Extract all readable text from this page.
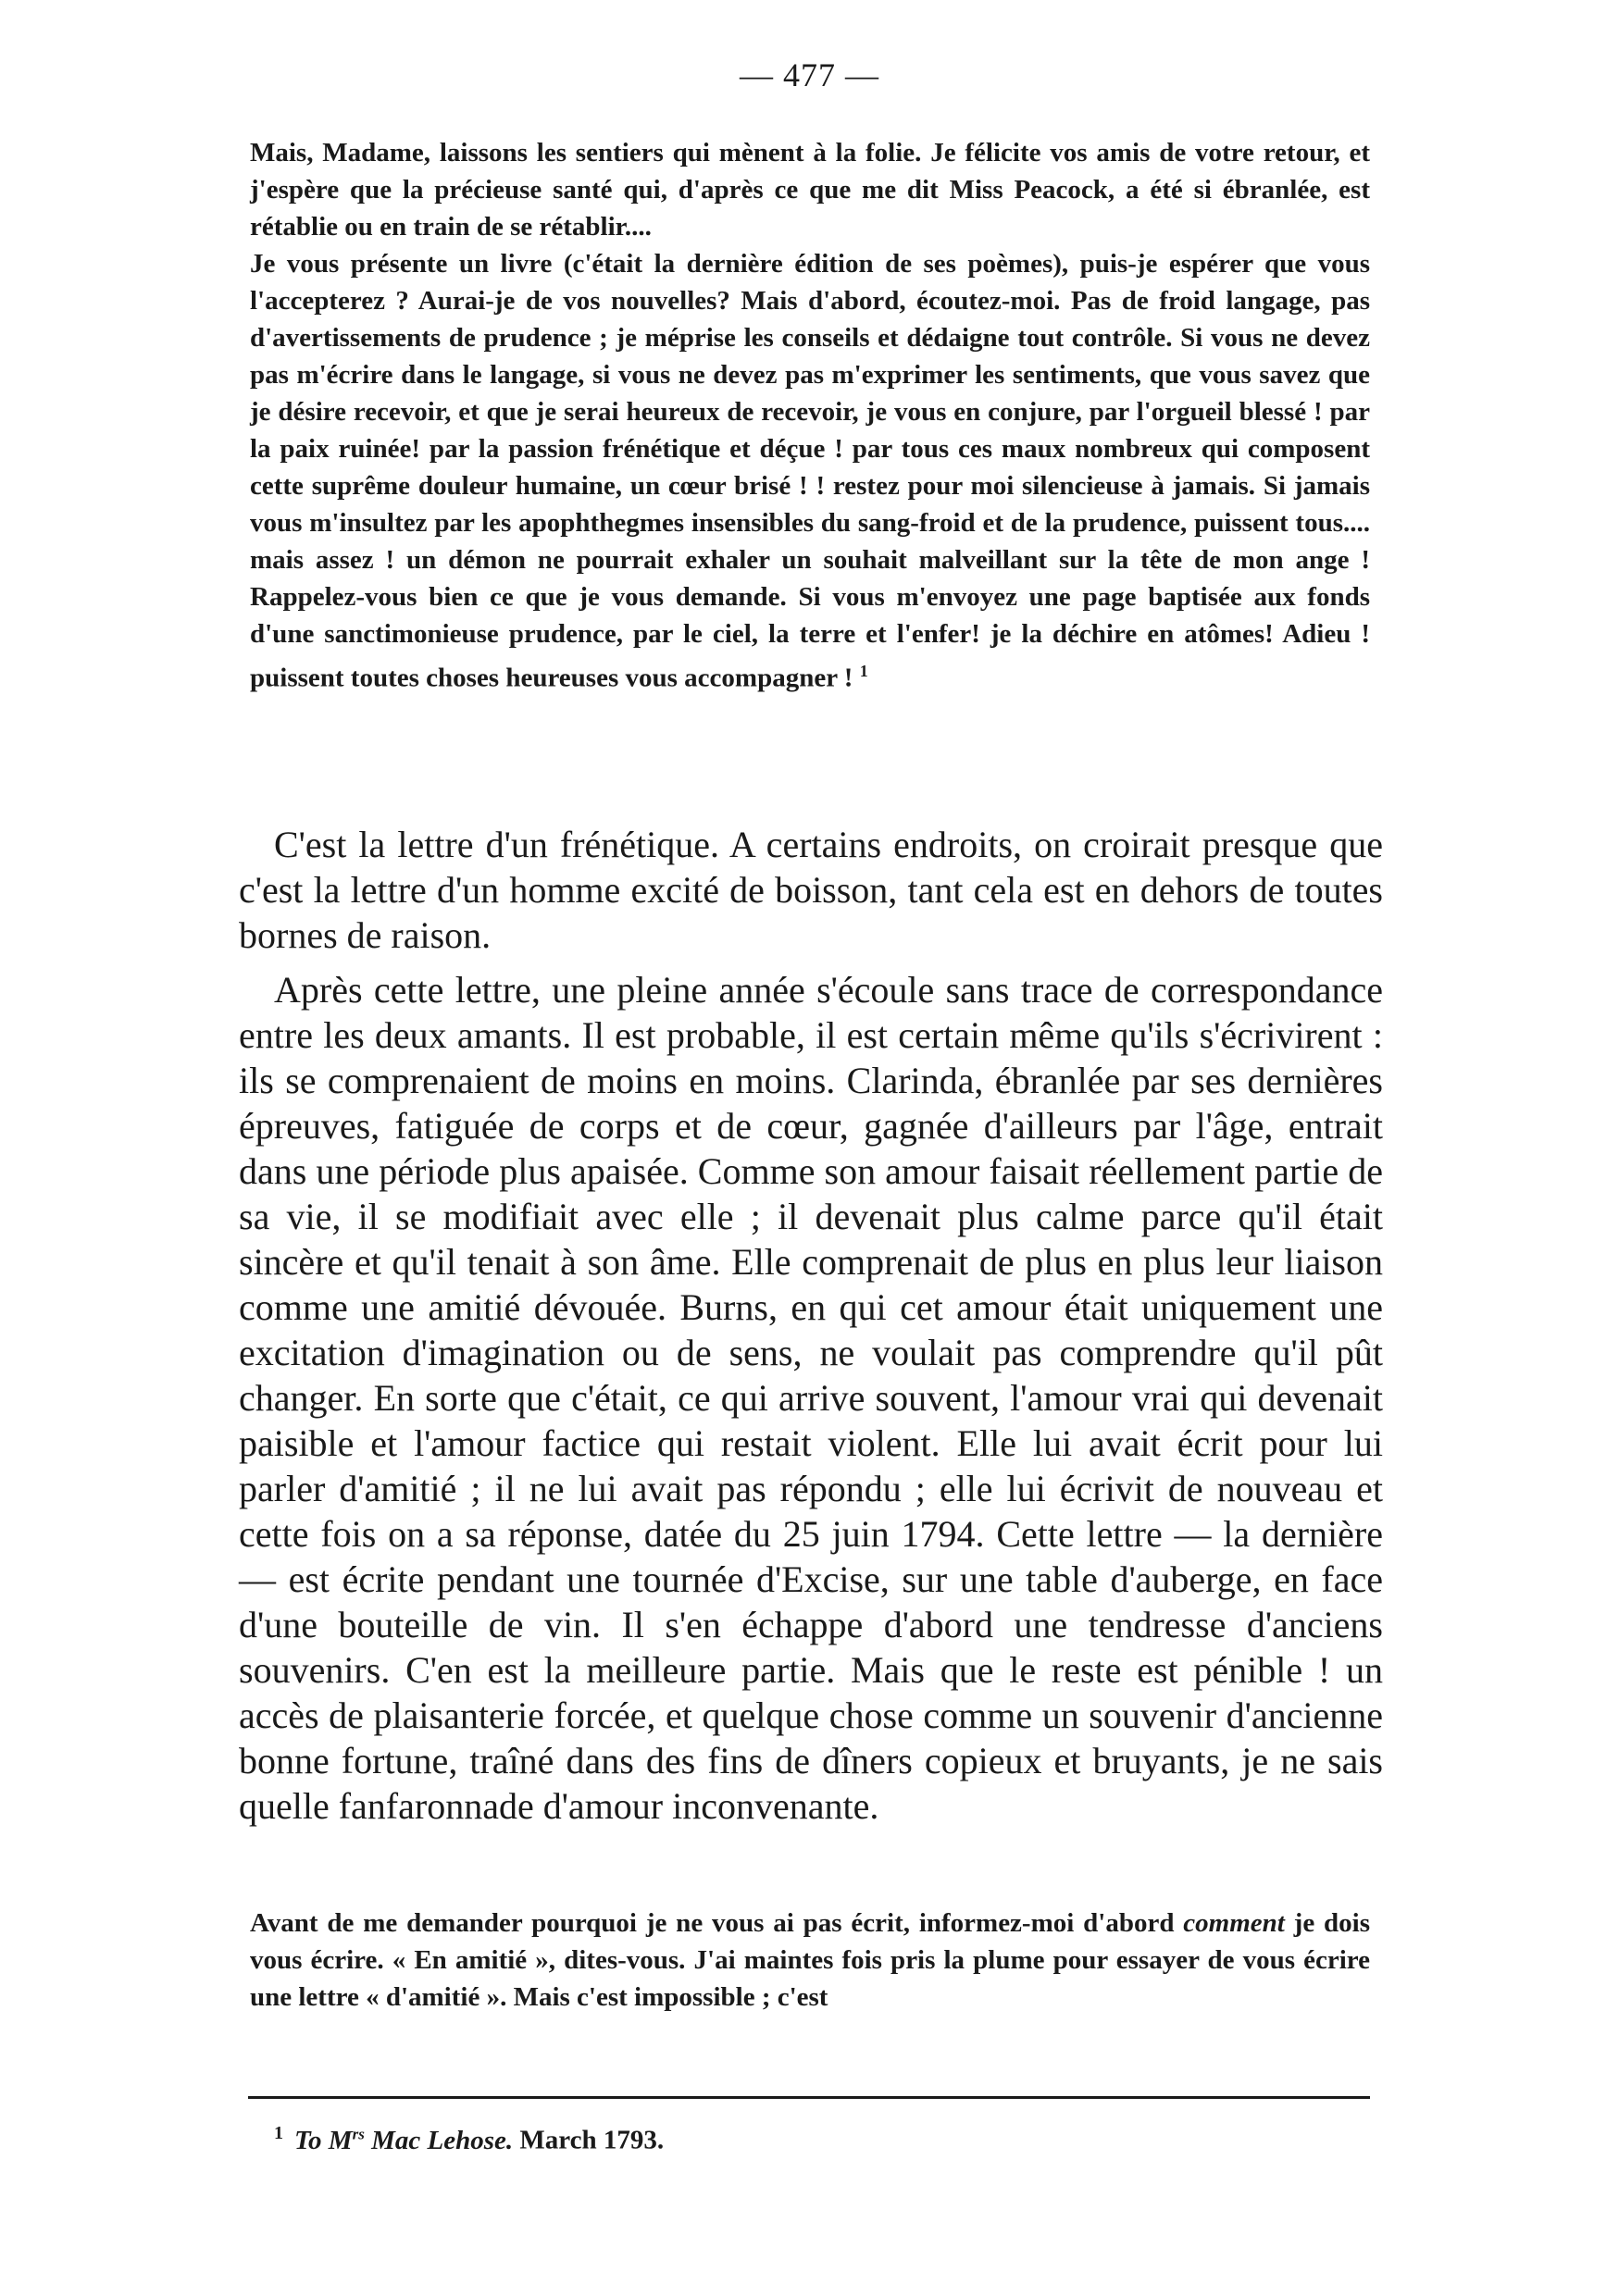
— 477 —

Mais, Madame, laissons les sentiers qui mènent à la folie. Je félicite vos amis de votre retour, et j'espère que la précieuse santé qui, d'après ce que me dit Miss Peacock, a été si ébranlée, est rétablie ou en train de se rétablir....

Je vous présente un livre (c'était la dernière édition de ses poèmes), puis-je espérer que vous l'accepterez ? Aurai-je de vos nouvelles? Mais d'abord, écoutez-moi. Pas de froid langage, pas d'avertissements de prudence ; je méprise les conseils et dédaigne tout contrôle. Si vous ne devez pas m'écrire dans le langage, si vous ne devez pas m'exprimer les sentiments, que vous savez que je désire recevoir, et que je serai heureux de recevoir, je vous en conjure, par l'orgueil blessé ! par la paix ruinée! par la passion frénétique et déçue ! par tous ces maux nombreux qui composent cette suprême douleur humaine, un cœur brisé ! ! restez pour moi silencieuse à jamais. Si jamais vous m'insultez par les apophthegmes insensibles du sang-froid et de la prudence, puissent tous.... mais assez ! un démon ne pourrait exhaler un souhait malveillant sur la tête de mon ange ! Rappelez-vous bien ce que je vous demande. Si vous m'envoyez une page baptisée aux fonds d'une sanctimonieuse prudence, par le ciel, la terre et l'enfer! je la déchire en atômes! Adieu ! puissent toutes choses heureuses vous accompagner ! $^1$

C'est la lettre d'un frénétique. A certains endroits, on croirait presque que c'est la lettre d'un homme excité de boisson, tant cela est en dehors de toutes bornes de raison.

Après cette lettre, une pleine année s'écoule sans trace de correspondance entre les deux amants. Il est probable, il est certain même qu'ils s'écrivirent : ils se comprenaient de moins en moins. Clarinda, ébranlée par ses dernières épreuves, fatiguée de corps et de cœur, gagnée d'ailleurs par l'âge, entrait dans une période plus apaisée. Comme son amour faisait réellement partie de sa vie, il se modifiait avec elle ; il devenait plus calme parce qu'il était sincère et qu'il tenait à son âme. Elle comprenait de plus en plus leur liaison comme une amitié dévouée. Burns, en qui cet amour était uniquement une excitation d'imagination ou de sens, ne voulait pas comprendre qu'il pût changer. En sorte que c'était, ce qui arrive souvent, l'amour vrai qui devenait paisible et l'amour factice qui restait violent. Elle lui avait écrit pour lui parler d'amitié ; il ne lui avait pas répondu ; elle lui écrivit de nouveau et cette fois on a sa réponse, datée du 25 juin 1794. Cette lettre — la dernière — est écrite pendant une tournée d'Excise, sur une table d'auberge, en face d'une bouteille de vin. Il s'en échappe d'abord une tendresse d'anciens souvenirs. C'en est la meilleure partie. Mais que le reste est pénible ! un accès de plaisanterie forcée, et quelque chose comme un souvenir d'ancienne bonne fortune, traîné dans des fins de dîners copieux et bruyants, je ne sais quelle fanfaronnade d'amour inconvenante.

Avant de me demander pourquoi je ne vous ai pas écrit, informez-moi d'abord comment je dois vous écrire. « En amitié », dites-vous. J'ai maintes fois pris la plume pour essayer de vous écrire une lettre « d'amitié ». Mais c'est impossible ; c'est

$^1$ To $M^{rs}$ Mac Lehose. March 1793.
